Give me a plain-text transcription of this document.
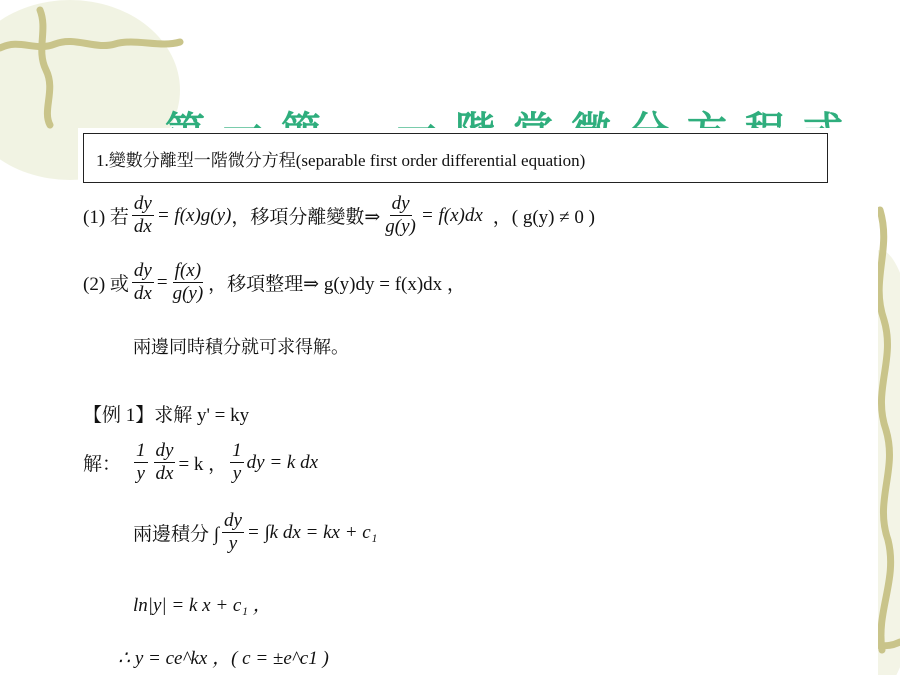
1.變數分離型一階微分方程(separable first order differential equation)
(1) 若 $\frac{dy}{dx} = f(x)g(y)$ ，移項分離變數⇒ $\frac{dy}{g(y)} = f(x)dx$ ，( g(y) ≠ 0 )
(2) 或 $\frac{dy}{dx} = \frac{f(x)}{g(y)}$ ，移項整理⇒ g(y)dy = f(x)dx ，
兩邊同時積分就可求得解。
【例 1】求解 y' = ky
解： $\frac{1}{y} \frac{dy}{dx} = k$ ， $\frac{1}{y}$ dy = k dx
兩邊積分 ∫ $\frac{dy}{y} = \int k$ dx = kx + c₁
ln|y| = k x + c₁ ，
∴ y = ce^kx ，( c = ±e^c1 )
